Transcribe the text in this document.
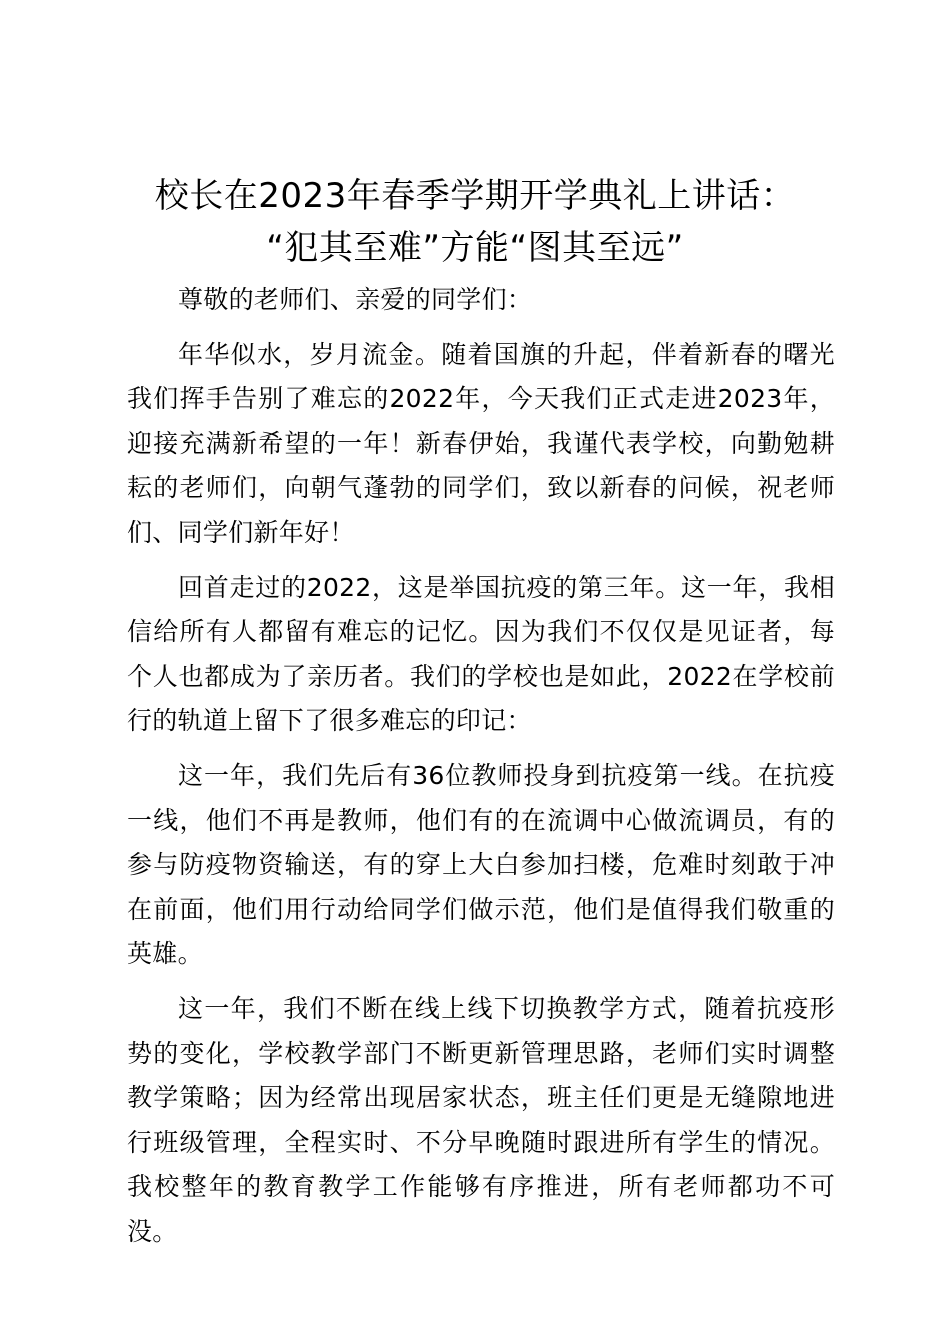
校长在2023年春季学期开学典礼上讲话：
“犯其至难”方能“图其至远”

尊敬的老师们、亲爱的同学们：

年华似水，岁月流金。随着国旗的升起，伴着新春的曙光我们挥手告别了难忘的2022年，今天我们正式走进2023年，迎接充满新希望的一年！新春伊始，我谨代表学校，向勤勉耕耘的老师们，向朝气蓬勃的同学们，致以新春的问候，祝老师们、同学们新年好！

回首走过的2022，这是举国抗疫的第三年。这一年，我相信给所有人都留有难忘的记忆。因为我们不仅仅是见证者，每个人也都成为了亲历者。我们的学校也是如此，2022在学校前行的轨道上留下了很多难忘的印记：

这一年，我们先后有36位教师投身到抗疫第一线。在抗疫一线，他们不再是教师，他们有的在流调中心做流调员，有的参与防疫物资输送，有的穿上大白参加扫楼，危难时刻敢于冲在前面，他们用行动给同学们做示范，他们是值得我们敬重的英雄。

这一年，我们不断在线上线下切换教学方式，随着抗疫形势的变化，学校教学部门不断更新管理思路，老师们实时调整教学策略；因为经常出现居家状态，班主任们更是无缝隙地进行班级管理，全程实时、不分早晚随时跟进所有学生的情况。我校整年的教育教学工作能够有序推进，所有老师都功不可没。
